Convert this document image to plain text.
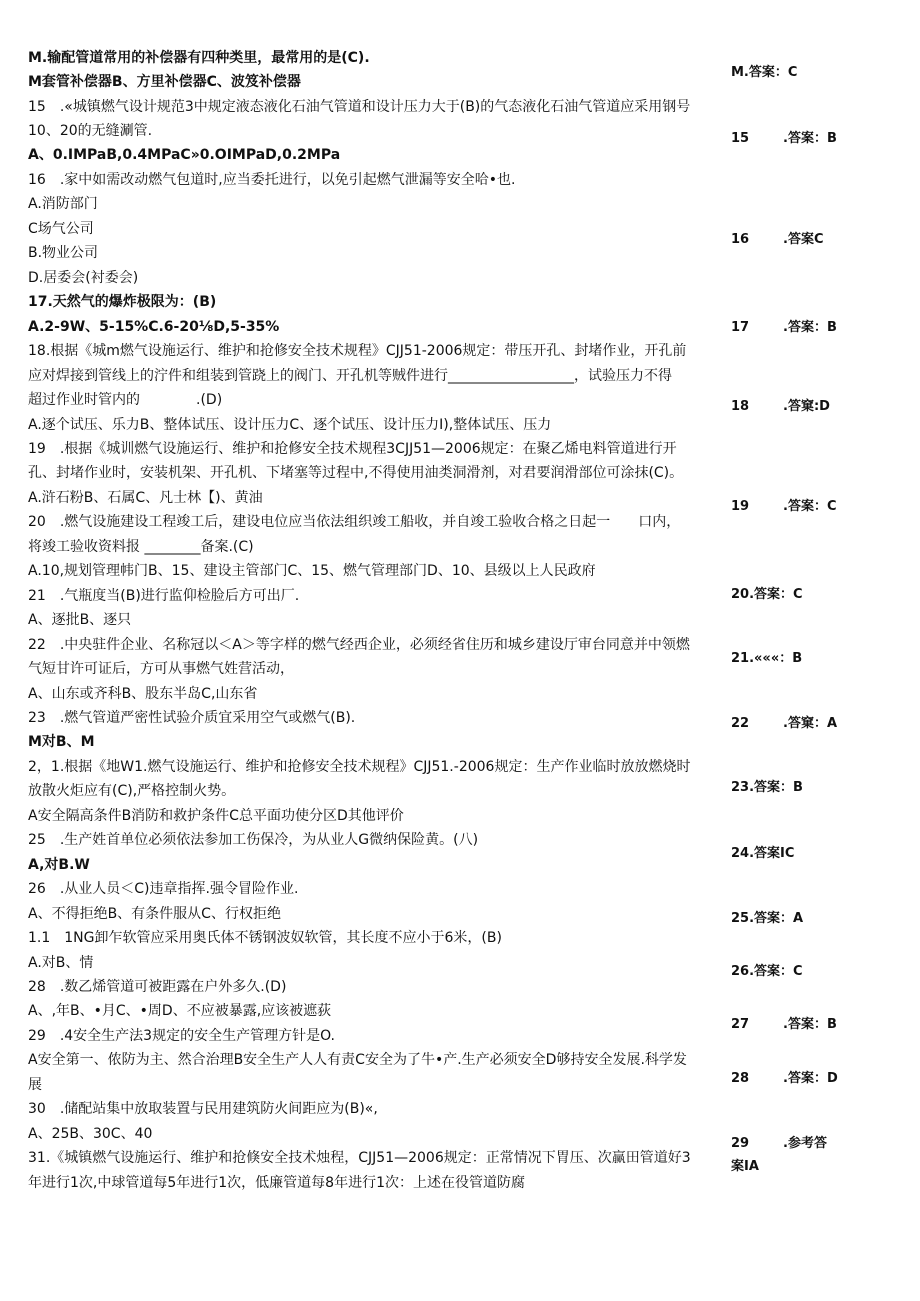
M.输配管道常用的补偿器有四种类里，最常用的是(C).
M套管补偿器B、方里补偿器C、波笈补偿器
15　.«城镇燃气设计规范3中规定液态液化石油气管道和设计压力大于(B)的气态液化石油气管道应采用钢号
10、20的无缝涮管.
A、0.IMPaB,0.4MPaC»0.OIMPaD,0.2MPa
16　.家中如需改动燃气包道时,应当委托进行，以免引起燃气泄漏等安全哈•也.
A.消防部门
C场气公司
B.物业公司
D.居委会(衬委会)
17.天然气的爆炸极限为：(B)
A.2-9W、5-15%C.6-20⅛D,5-35%
18.根据《城m燃气设施运行、维护和抢修安全技术规程》CJJ51-2006规定：带压开孔、封堵作业，开孔前
应对焊接到管线上的泞件和组装到管跷上的阀门、开孔机等贼件进行__________________，试验压力不得
超过作业时管内的　　　　.(D)
A.逐个试压、乐力B、整体试压、设计压力C、逐个试压、设计压力I),整体试压、压力
19　.根据《城训燃气设施运行、维护和抢修安全技术规程3CJJ51—2006规定：在聚乙烯电料管道进行开
孔、封堵作业时，安装机架、开孔机、下堵塞等过程中,不得使用油类洞滑剂，对君要润滑部位可涂抹(C)。
A.浒石粉B、石属C、凡士林【)、黄油
20　.燃气设施建设工程竣工后，建设电位应当依法组织竣工船收，并自竣工验收合格之日起一　　口内，
将竣工验收资料报 ________备案.(C)
A.10,规划管理帏门B、15、建设主管部门C、15、燃气管理部门D、10、县级以上人民政府
21　.气瓶度当(B)进行监仰检脸后方可出厂.
A、逐批B、逐只
22　.中央驻件企业、名称冠以＜A＞等字样的燃气经西企业，必须经省住历和城乡建设厅审台同意并中领燃
气短甘许可证后，方可从事燃气姓营活动，
A、山东或齐科B、股东半岛C,山东省
23　.燃气管道严密性试验介质宜采用空气或燃气(B).
M对B、M
2，1.根据《地W1.燃气设施运行、维护和抢修安全技术规程》CJJ51.-2006规定：生产作业临时放放燃烧时
放散火炬应有(C),严格控制火势。
A安全隔高条件B消防和救护条件C总平面功使分区D其他评价
25　.生产姓首单位必须依法参加工伤保冷，为从业人G微纳保险黄。(八)
A,对B.W
26　.从业人员＜C)违章指挥.强令冒险作业.
A、不得拒绝B、有条件服从C、行权拒绝
1.1　1NG卸乍软管应采用奥氏体不锈钢波奴软管，其长度不应小于6米，(B)
A.对B、情
28　.数乙烯管道可被距露在户外多久.(D)
A、,年B、•月C、•周D、不应被暴露,应该被遮荻
29　.4安全生产法3规定的安全生产管理方针是O.
A安全第一、侬防为主、然合治理B安全生产人人有责C安全为了牛•产.生产必须安全D够持安全发展.科学发
展
30　.储配站集中放取装置与民用建筑防火间距应为(B)«,
A、25B、30C、40
31.《城镇燃气设施运行、维护和抢倏安全技术烛程，CJJ51—2006规定：正常情况下胃压、次赢田管道好3
年进行1次,中球管道每5年进行1次，低廉管道每8年进行1次：上述在役管道防腐
M.答案：C
15	.答案：B
16	.答案C
17	.答案：B
18	.答窠:D
19	.答案：C
20.答案：C
21.«««：B
22	.答窠：A
23.答案：B
24.答案IC
25.答案：A
26.答案：C
27	.答案：B
28	.答案：D
29	.参考答
案IA
